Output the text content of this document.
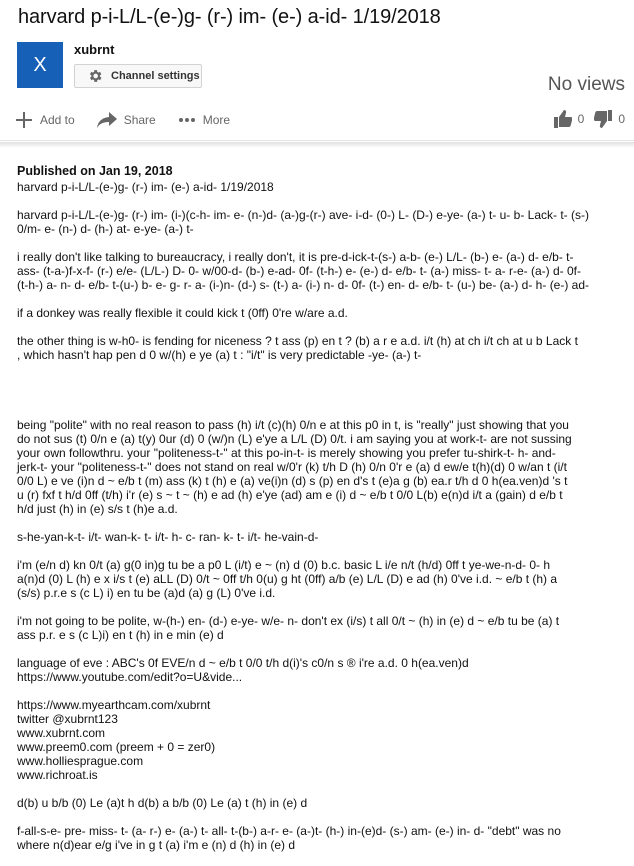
harvard p-i-L/L-(e-)g- (r-) im- (e-) a-id- 1/19/2018
X
xubrnt
Channel settings	No views
Add to	Share	More	0	0
Published on Jan 19, 2018
harvard p-i-L/L-(e-)g- (r-) im- (e-) a-id- 1/19/2018
harvard p-i-L/L-(e-)g- (r-) im- (i-)(c-h- im- e- (n-)d- (a-)g-(r-) ave- i-d- (0-) L- (D-) e-ye- (a-) t- u- b- Lack- t- (s-)
0/m- e- (n-) d- (h-) at- e-ye- (a-) t-
i really don't like talking to bureaucracy, i really don't, it is pre-d-ick-t-(s-) a-b- (e-) L/L- (b-) e- (a-) d- e/b- t-
ass- (t-a-)f-x-f- (r-) e/e- (L/L-) D- 0- w/00-d- (b-) e-ad- 0f- (t-h-) e- (e-) d- e/b- t- (a-) miss- t- a- r-e- (a-) d- 0f-
(t-h-) a- n- d- e/b- t-(u-) b- e- g- r- a- (i-)n- (d-) s- (t-) a- (i-) n- d- 0f- (t-) en- d- e/b- t- (u-) be- (a-) d- h- (e-) ad-
if a donkey was really flexible it could kick t (0ff) 0're w/are a.d.
the other thing is w-h0- is fending for niceness ? t ass (p) en t ? (b) a r e a.d. i/t (h) at ch i/t ch at u b Lack t
, which hasn't hap pen d 0 w/(h) e ye (a) t : "i/t" is very predictable -ye- (a-) t-
being "polite" with no real reason to pass (h) i/t (c)(h) 0/n e at this p0 in t, is "really" just showing that you
do not sus (t) 0/n e (a) t(y) 0ur (d) 0 (w/)n (L) e'ye a L/L (D) 0/t. i am saying you at work-t- are not sussing
your own followthru. your "politeness-t-" at this po-in-t- is merely showing you prefer tu-shirk-t- h- and-
jerk-t- your "politeness-t-" does not stand on real w/0'r (k) t/h D (h) 0/n 0'r e (a) d ew/e t(h)(d) 0 w/an t (i/t
0/0 L) e ve (i)n d ~ e/b t (m) ass (k) t (h) e (a) ve(i)n (d) s (p) en d's t (e)a g (b) ea.r t/h d 0 h(ea.ven)d 's t
u (r) fxf t h/d 0ff (t/h) i'r (e) s ~ t ~ (h) e ad (h) e'ye (ad) am e (i) d ~ e/b t 0/0 L(b) e(n)d i/t a (gain) d e/b t
h/d just (h) in (e) s/s t (h)e a.d.
s-he-yan-k-t- i/t- wan-k- t- i/t- h- c- ran- k- t- i/t- he-vain-d-
i'm (e/n d) kn 0/t (a) g(0 in)g tu be a p0 L (i/t) e ~ (n) d (0) b.c. basic L i/e n/t (h/d) 0ff t ye-we-n-d- 0- h
a(n)d (0) L (h) e x i/s t (e) aLL (D) 0/t ~ 0ff t/h 0(u) g ht (0ff) a/b (e) L/L (D) e ad (h) 0've i.d. ~ e/b t (h) a
(s/s) p.r.e s (c L) i) en tu be (a)d (a) g (L) 0've i.d.
i'm not going to be polite, w-(h-) en- (d-) e-ye- w/e- n- don't ex (i/s) t all 0/t ~ (h) in (e) d ~ e/b tu be (a) t
ass p.r. e s (c L)i) en t (h) in e min (e) d
language of eve : ABC's 0f EVE/n d ~ e/b t 0/0 t/h d(i)'s c0/n s ® i're a.d. 0 h(ea.ven)d
https://www.youtube.com/edit?o=U&vide...
https://www.myearthcam.com/xubrnt
twitter @xubrnt123
www.xubrnt.com
www.preem0.com (preem + 0 = zer0)
www.holliesprague.com
www.richroat.is
d(b) u b/b (0) Le (a)t h d(b) a b/b (0) Le (a) t (h) in (e) d
f-all-s-e- pre- miss- t- (a- r-) e- (a-) t- all- t-(b-) a-r- e- (a-)t- (h-) in-(e)d- (s-) am- (e-) in- d- "debt" was no
where n(d)ear e/g i've in g t (a) i'm e (n) d (h) in (e) d
